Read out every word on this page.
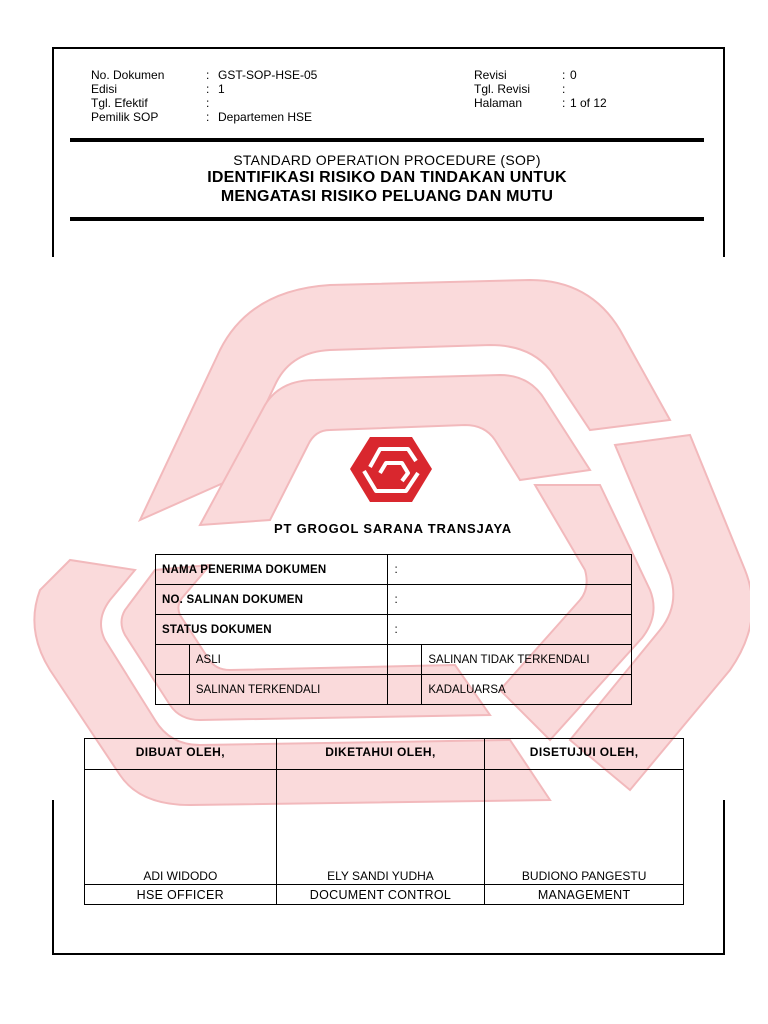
No. Dokumen	: GST-SOP-HSE-05
Edisi	: 1
Tgl. Efektif	:
Pemilik SOP	: Departemen HSE
Revisi	: 0
Tgl. Revisi	:
Halaman	: 1 of 12
STANDARD OPERATION PROCEDURE (SOP)
IDENTIFIKASI RISIKO DAN TINDAKAN UNTUK
MENGATASI RISIKO PELUANG DAN MUTU
PT GROGOL SARANA TRANSJAYA
NAMA PENERIMA DOKUMEN		:	
NO. SALINAN DOKUMEN		:	
STATUS DOKUMEN		:	
	ASLI		SALINAN TIDAK TERKENDALI
	SALINAN TERKENDALI		KADALUARSA
DIBUAT OLEH,	DIKETAHUI OLEH,	DISETUJUI OLEH,
ADI WIDODO	ELY SANDI YUDHA	BUDIONO PANGESTU
HSE OFFICER	DOCUMENT CONTROL	MANAGEMENT
